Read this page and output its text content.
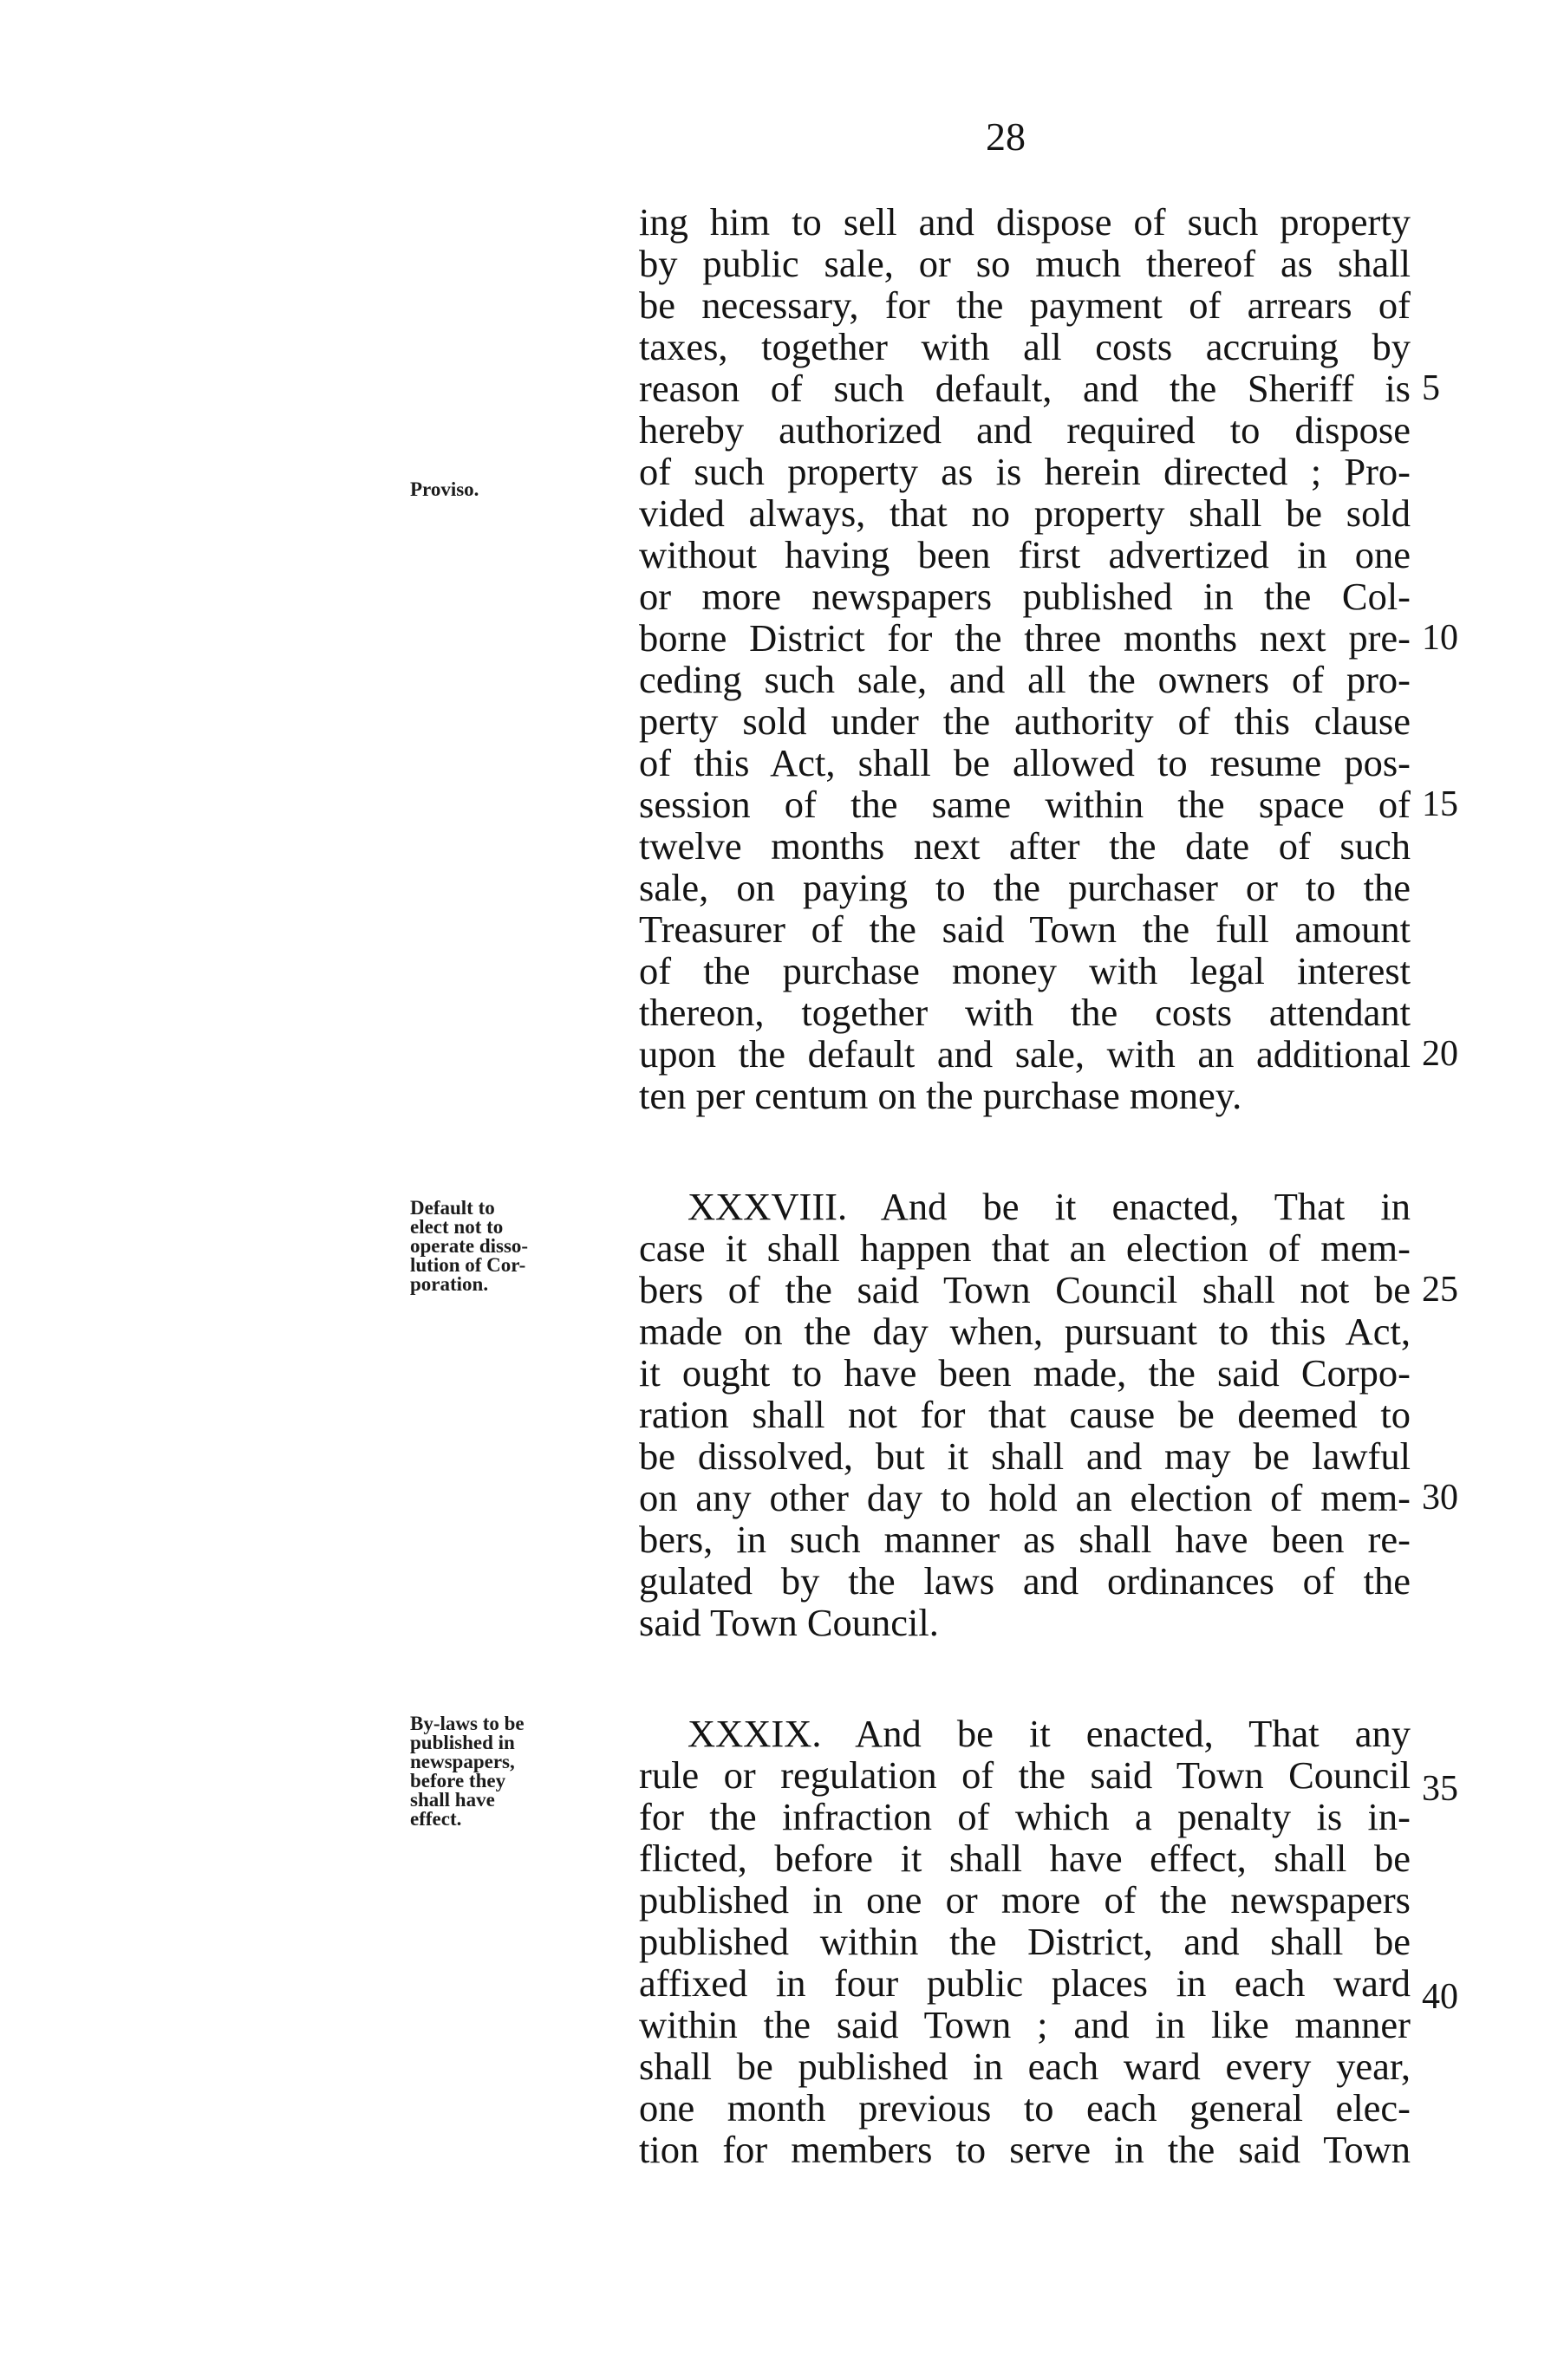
28
Proviso.
Default to
elect not to
operate disso-
lution of Cor-
poration.
By-laws to be
published in
newspapers,
before they
shall have
effect.
ing him to sell and dispose of such property
by public sale, or so much thereof as shall
be necessary, for the payment of arrears of
taxes, together with all costs accruing by
reason of such default, and the Sheriff is
hereby authorized and required to dispose
of such property as is herein directed ; Pro-
vided always, that no property shall be sold
without having been first advertized in one
or more newspapers published in the Col-
borne District for the three months next pre-
ceding such sale, and all the owners of pro-
perty sold under the authority of this clause
of this Act, shall be allowed to resume pos-
session of the same within the space of
twelve months next after the date of such
sale, on paying to the purchaser or to the
Treasurer of the said Town the full amount
of the purchase money with legal interest
thereon, together with the costs attendant
upon the default and sale, with an additional
ten per centum on the purchase money.
XXXVIII. And be it enacted, That in
case it shall happen that an election of mem-
bers of the said Town Council shall not be
made on the day when, pursuant to this Act,
it ought to have been made, the said Corpo-
ration shall not for that cause be deemed to
be dissolved, but it shall and may be lawful
on any other day to hold an election of mem-
bers, in such manner as shall have been re-
gulated by the laws and ordinances of the
said Town Council.
XXXIX. And be it enacted, That any
rule or regulation of the said Town Council
for the infraction of which a penalty is in-
flicted, before it shall have effect, shall be
published in one or more of the newspapers
published within the District, and shall be
affixed in four public places in each ward
within the said Town ; and in like manner
shall be published in each ward every year,
one month previous to each general elec-
tion for members to serve in the said Town
5
10
15
20
25
30
35
40
